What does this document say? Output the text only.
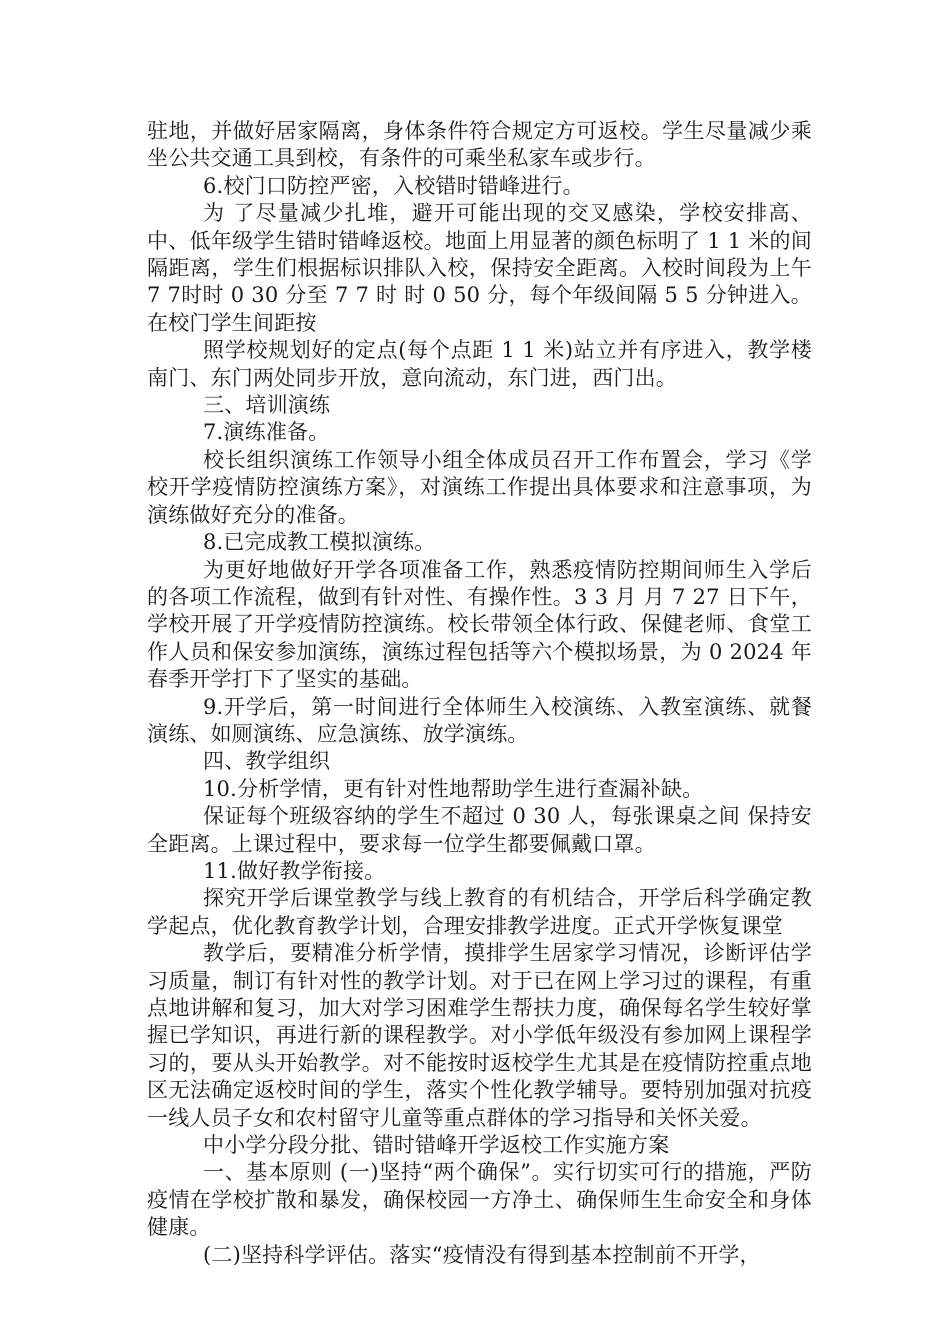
驻地，并做好居家隔离，身体条件符合规定方可返校。学生尽量减少乘坐公共交通工具到校，有条件的可乘坐私家车或步行。

6.校门口防控严密，入校错时错峰进行。

为 了尽量减少扎堆，避开可能出现的交叉感染，学校安排高、中、低年级学生错时错峰返校。地面上用显著的颜色标明了 1 1 米的间隔距离，学生们根据标识排队入校，保持安全距离。入校时间段为上午 7 7时时 0 30 分至 7 7 时 时 0 50 分，每个年级间隔 5 5 分钟进入。在校门学生间距按

照学校规划好的定点(每个点距 1 1 米)站立并有序进入，教学楼南门、东门两处同步开放，意向流动，东门进，西门出。

三、培训演练

7.演练准备。

校长组织演练工作领导小组全体成员召开工作布置会，学习《学校开学疫情防控演练方案》，对演练工作提出具体要求和注意事项，为演练做好充分的准备。

8.已完成教工模拟演练。

为更好地做好开学各项准备工作，熟悉疫情防控期间师生入学后的各项工作流程，做到有针对性、有操作性。3 3 月 月 7 27 日下午，学校开展了开学疫情防控演练。校长带领全体行政、保健老师、食堂工作人员和保安参加演练，演练过程包括等六个模拟场景，为 0 2024 年春季开学打下了坚实的基础。

9.开学后，第一时间进行全体师生入校演练、入教室演练、就餐演练、如厕演练、应急演练、放学演练。

四、教学组织

10.分析学情，更有针对性地帮助学生进行查漏补缺。

保证每个班级容纳的学生不超过 0 30 人，每张课桌之间 保持安全距离。上课过程中，要求每一位学生都要佩戴口罩。

11.做好教学衔接。

探究开学后课堂教学与线上教育的有机结合，开学后科学确定教学起点，优化教育教学计划，合理安排教学进度。正式开学恢复课堂

教学后，要精准分析学情，摸排学生居家学习情况，诊断评估学习质量，制订有针对性的教学计划。对于已在网上学习过的课程，有重点地讲解和复习，加大对学习困难学生帮扶力度，确保每名学生较好掌握已学知识，再进行新的课程教学。对小学低年级没有参加网上课程学习的，要从头开始教学。对不能按时返校学生尤其是在疫情防控重点地区无法确定返校时间的学生，落实个性化教学辅导。要特别加强对抗疫一线人员子女和农村留守儿童等重点群体的学习指导和关怀关爱。

中小学分段分批、错时错峰开学返校工作实施方案

一、基本原则 (一)坚持“两个确保”。实行切实可行的措施，严防疫情在学校扩散和暴发，确保校园一方净土、确保师生生命安全和身体健康。

(二)坚持科学评估。落实“疫情没有得到基本控制前不开学，
